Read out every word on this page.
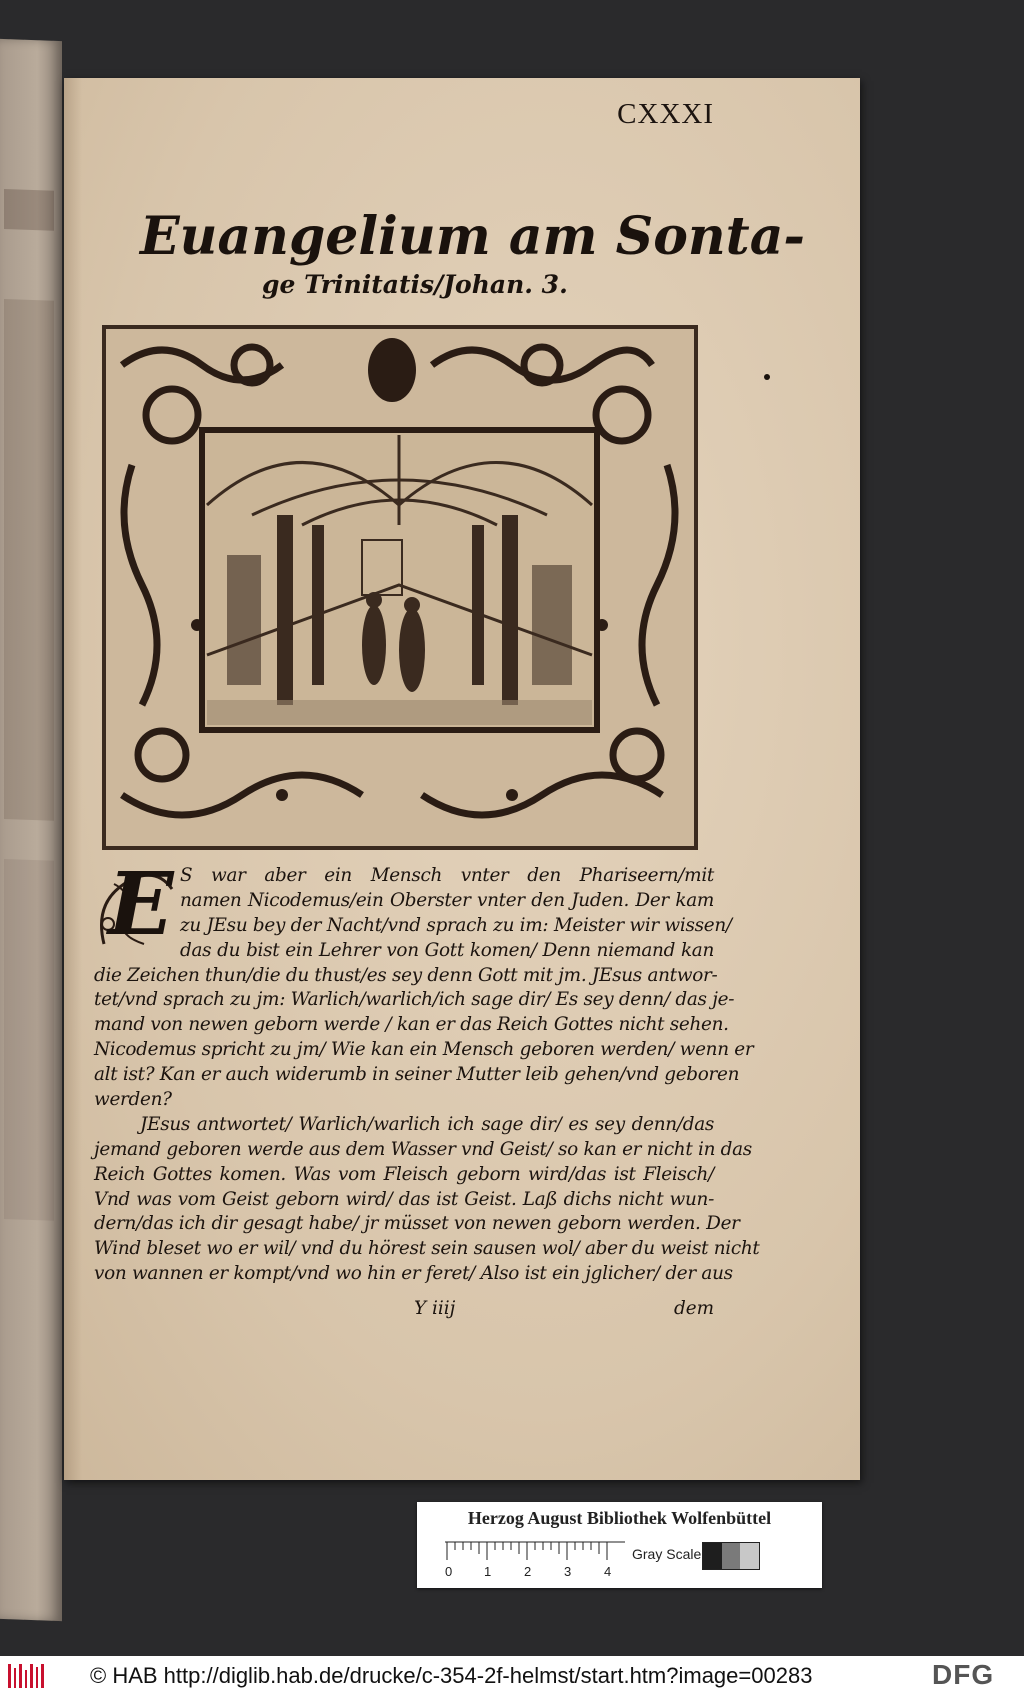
CXXXI
Euangelium am Sonta-
ge Trinitatis/Johan. 3.
E S war aber ein Mensch vnter den Phariseern/mit
namen Nicodemus/ein Oberster vnter den Juden. Der kam
zu JEsu bey der Nacht/vnd sprach zu im: Meister wir wissen/
das du bist ein Lehrer von Gott komen/ Denn niemand kan
die Zeichen thun/die du thust/es sey denn Gott mit jm. JEsus antwor-
tet/vnd sprach zu jm: Warlich/warlich/ich sage dir/ Es sey denn/ das je-
mand von newen geborn werde / kan er das Reich Gottes nicht sehen.
Nicodemus spricht zu jm/ Wie kan ein Mensch geboren werden/ wenn er
alt ist? Kan er auch widerumb in seiner Mutter leib gehen/vnd geboren
werden?
JEsus antwortet/ Warlich/warlich ich sage dir/ es sey denn/das
jemand geboren werde aus dem Wasser vnd Geist/ so kan er nicht in das
Reich Gottes komen. Was vom Fleisch geborn wird/das ist Fleisch/
Vnd was vom Geist geborn wird/ das ist Geist. Laß dichs nicht wun-
dern/das ich dir gesagt habe/ jr müsset von newen geborn werden. Der
Wind bleset wo er wil/ vnd du hörest sein sausen wol/ aber du weist nicht
von wannen er kompt/vnd wo hin er feret/ Also ist ein jglicher/ der aus
Y iiij	dem
Herzog August Bibliothek Wolfenbüttel
0 1	2	3	4
Gray Scale
© HAB http://diglib.hab.de/drucke/c-354-2f-helmst/start.htm?image=00283	DFG
